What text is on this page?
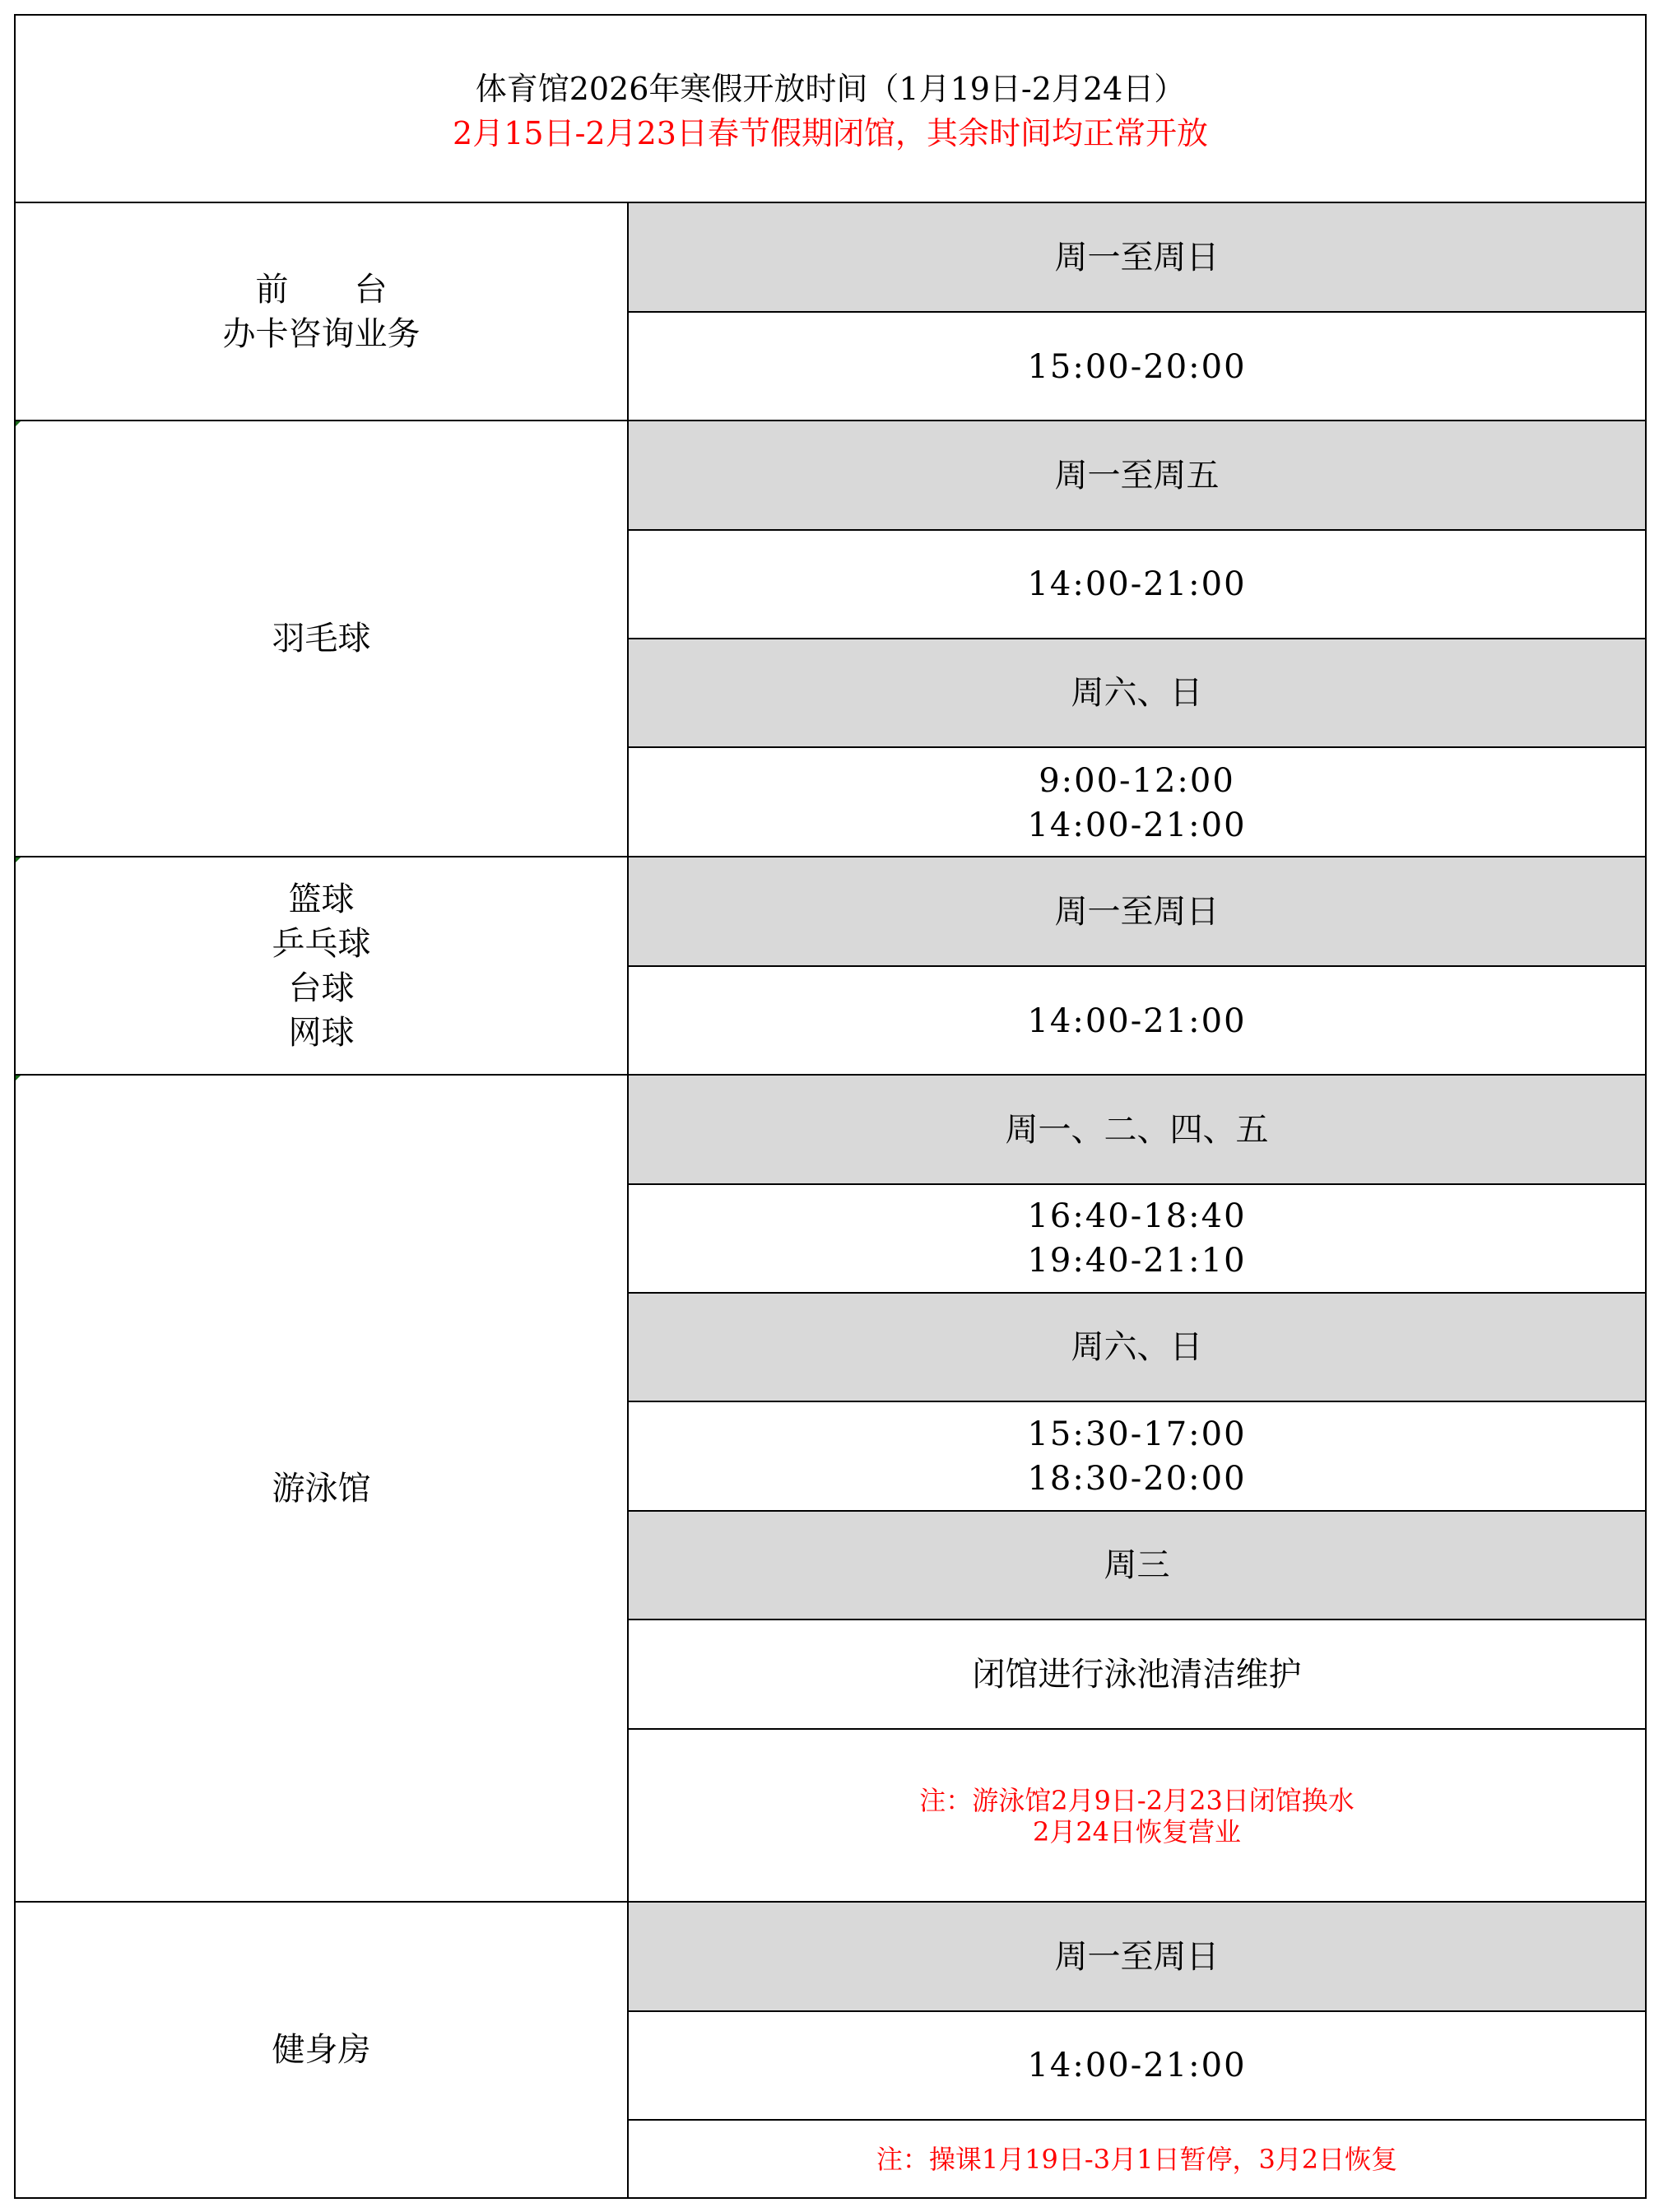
体育馆2026年寒假开放时间（1月19日-2月24日）
2月15日-2月23日春节假期闭馆，其余时间均正常开放
前　　台
办卡咨询业务
周一至周日
15:00-20:00
羽毛球
周一至周五
14:00-21:00
周六、日
9:00-12:00
14:00-21:00
篮球
乒乓球
台球
网球
周一至周日
14:00-21:00
游泳馆
周一、二、四、五
16:40-18:40
19:40-21:10
周六、日
15:30-17:00
18:30-20:00
周三
闭馆进行泳池清洁维护
注：游泳馆2月9日-2月23日闭馆换水
2月24日恢复营业
健身房
周一至周日
14:00-21:00
注：操课1月19日-3月1日暂停，3月2日恢复
